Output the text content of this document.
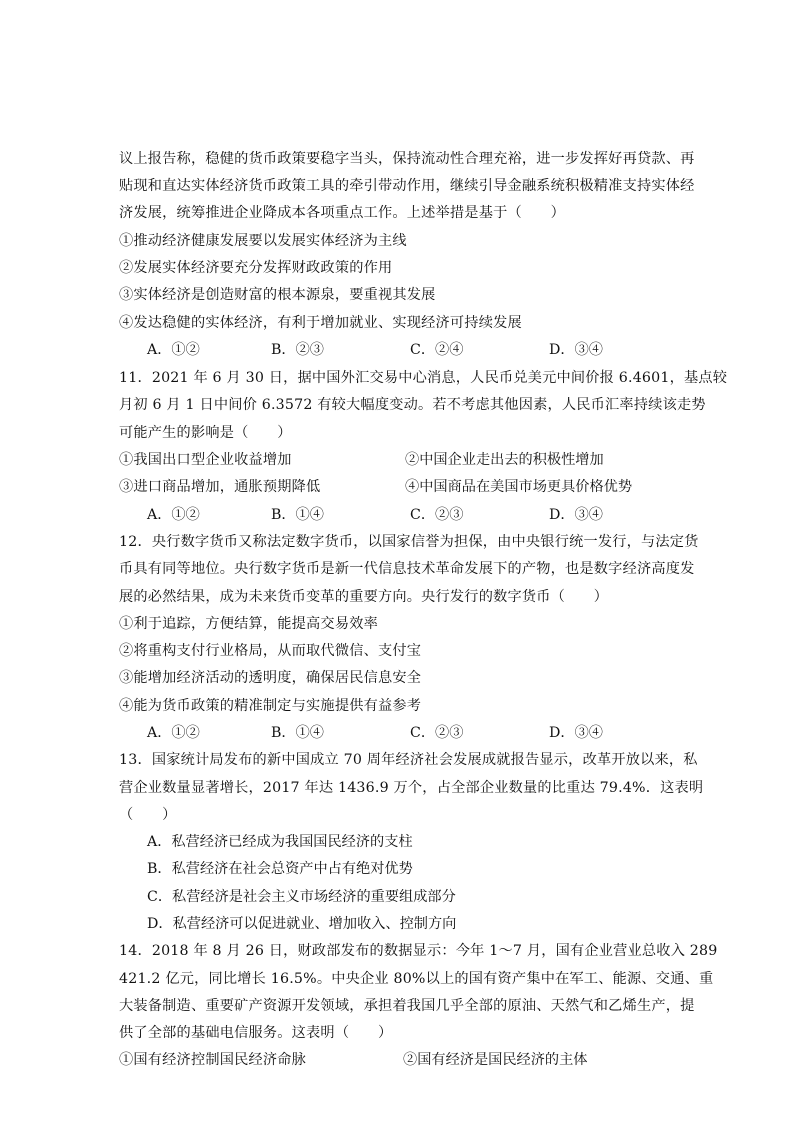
议上报告称，稳健的货币政策要稳字当头，保持流动性合理充裕，进一步发挥好再贷款、再
贴现和直达实体经济货币政策工具的牵引带动作用，继续引导金融系统积极精准支持实体经
济发展，统筹推进企业降成本各项重点工作。上述举措是基于（　　）
①推动经济健康发展要以发展实体经济为主线
②发展实体经济要充分发挥财政政策的作用
③实体经济是创造财富的根本源泉，要重视其发展
④发达稳健的实体经济，有利于增加就业、实现经济可持续发展
A．①②	B．②③	C．②④	D．③④
11．2021 年 6 月 30 日，据中国外汇交易中心消息，人民币兑美元中间价报 6.4601，基点较
月初 6 月 1 日中间价 6.3572 有较大幅度变动。若不考虑其他因素，人民币汇率持续该走势
可能产生的影响是（　　）
①我国出口型企业收益增加	②中国企业走出去的积极性增加
③进口商品增加，通胀预期降低	④中国商品在美国市场更具价格优势
A．①②	B．①④	C．②③	D．③④
12．央行数字货币又称法定数字货币，以国家信誉为担保，由中央银行统一发行，与法定货
币具有同等地位。央行数字货币是新一代信息技术革命发展下的产物，也是数字经济高度发
展的必然结果，成为未来货币变革的重要方向。央行发行的数字货币（　　）
①利于追踪，方便结算，能提高交易效率
②将重构支付行业格局，从而取代微信、支付宝
③能增加经济活动的透明度，确保居民信息安全
④能为货币政策的精准制定与实施提供有益参考
A．①②	B．①④	C．②③	D．③④
13．国家统计局发布的新中国成立 70 周年经济社会发展成就报告显示，改革开放以来，私
营企业数量显著增长，2017 年达 1436.9 万个，占全部企业数量的比重达 79.4%．这表明
（　　）
A．私营经济已经成为我国国民经济的支柱
B．私营经济在社会总资产中占有绝对优势
C．私营经济是社会主义市场经济的重要组成部分
D．私营经济可以促进就业、增加收入、控制方向
14．2018 年 8 月 26 日，财政部发布的数据显示：今年 1～7 月，国有企业营业总收入 289
421.2 亿元，同比增长 16.5%。中央企业 80%以上的国有资产集中在军工、能源、交通、重
大装备制造、重要矿产资源开发领域，承担着我国几乎全部的原油、天然气和乙烯生产，提
供了全部的基础电信服务。这表明（　　）
①国有经济控制国民经济命脉	②国有经济是国民经济的主体
